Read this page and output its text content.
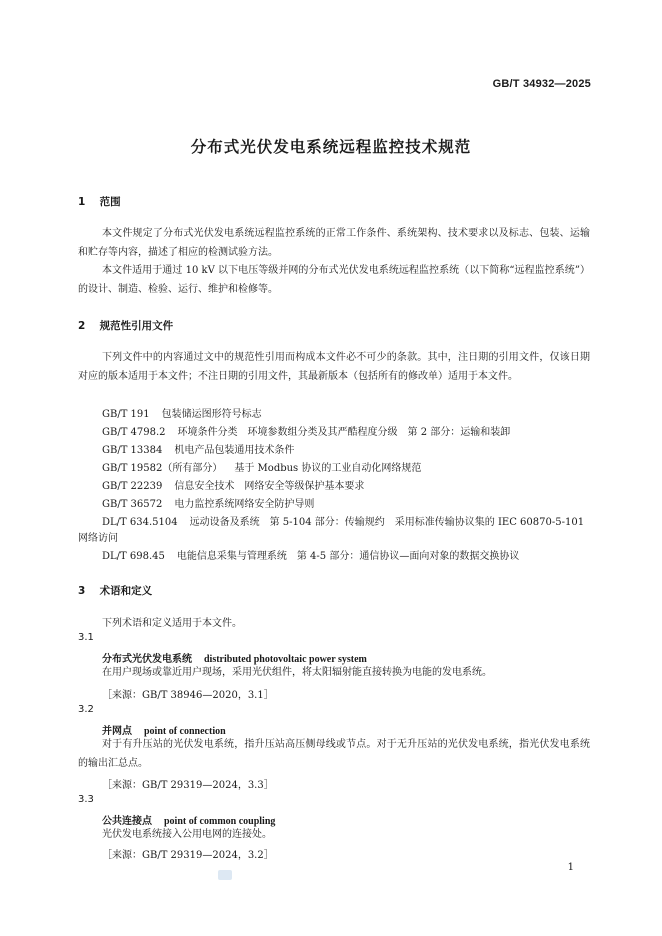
GB/T 34932—2025
分布式光伏发电系统远程监控技术规范
1 范围
本文件规定了分布式光伏发电系统远程监控系统的正常工作条件、系统架构、技术要求以及标志、包装、运输和贮存等内容，描述了相应的检测试验方法。
本文件适用于通过 10 kV 以下电压等级并网的分布式光伏发电系统远程监控系统（以下简称“远程监控系统”）的设计、制造、检验、运行、维护和检修等。
2 规范性引用文件
下列文件中的内容通过文中的规范性引用而构成本文件必不可少的条款。其中，注日期的引用文件，仅该日期对应的版本适用于本文件；不注日期的引用文件，其最新版本（包括所有的修改单）适用于本文件。
GB/T 191 包装储运图形符号标志
GB/T 4798.2 环境条件分类　环境参数组分类及其严酷程度分级　第 2 部分：运输和装卸
GB/T 13384 机电产品包装通用技术条件
GB/T 19582（所有部分） 基于 Modbus 协议的工业自动化网络规范
GB/T 22239 信息安全技术　网络安全等级保护基本要求
GB/T 36572 电力监控系统网络安全防护导则
DL/T 634.5104 远动设备及系统　第 5-104 部分：传输规约　采用标准传输协议集的 IEC 60870-5-101
网络访问
DL/T 698.45 电能信息采集与管理系统　第 4-5 部分：通信协议—面向对象的数据交换协议
3 术语和定义
下列术语和定义适用于本文件。
3.1
分布式光伏发电系统 distributed photovoltaic power system
在用户现场或靠近用户现场，采用光伏组件，将太阳辐射能直接转换为电能的发电系统。
［来源：GB/T 38946—2020，3.1］
3.2
并网点 point of connection
对于有升压站的光伏发电系统，指升压站高压侧母线或节点。对于无升压站的光伏发电系统，指光伏发电系统的输出汇总点。
［来源：GB/T 29319—2024，3.3］
3.3
公共连接点 point of common coupling
光伏发电系统接入公用电网的连接处。
［来源：GB/T 29319—2024，3.2］
1
